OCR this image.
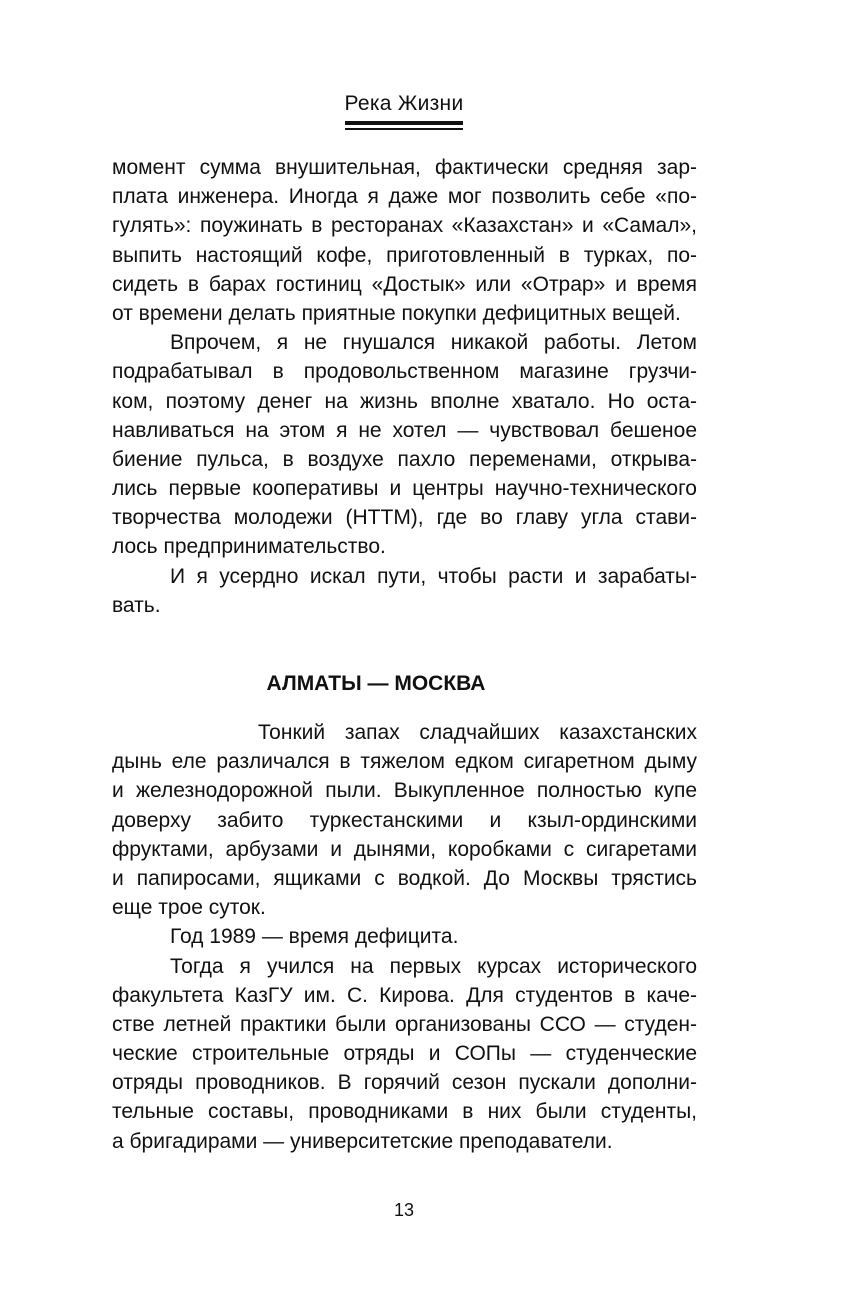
Река Жизни
момент сумма внушительная, фактически средняя зар-
плата инженера. Иногда я даже мог позволить себе «по-
гулять»: поужинать в ресторанах «Казахстан» и «Самал»,
выпить настоящий кофе, приготовленный в турках, по-
сидеть в барах гостиниц «Достык» или «Отрар» и время
от времени делать приятные покупки дефицитных вещей.
Впрочем, я не гнушался никакой работы. Летом
подрабатывал в продовольственном магазине грузчи-
ком, поэтому денег на жизнь вполне хватало. Но оста-
навливаться на этом я не хотел — чувствовал бешеное
биение пульса, в воздухе пахло переменами, открыва-
лись первые кооперативы и центры научно-технического
творчества молодежи (НТТМ), где во главу угла стави-
лось предпринимательство.
И я усердно искал пути, чтобы расти и зарабаты-
вать.
АЛМАТЫ — МОСКВА
Тонкий запах сладчайших казахстанских
дынь еле различался в тяжелом едком сигаретном дыму
и железнодорожной пыли. Выкупленное полностью купе
доверху забито туркестанскими и кзыл-ординскими
фруктами, арбузами и дынями, коробками с сигаретами
и папиросами, ящиками с водкой. До Москвы трястись
еще трое суток.
Год 1989 — время дефицита.
Тогда я учился на первых курсах исторического
факультета КазГУ им. С. Кирова. Для студентов в каче-
стве летней практики были организованы ССО — студен-
ческие строительные отряды и СОПы — студенческие
отряды проводников. В горячий сезон пускали дополни-
тельные составы, проводниками в них были студенты,
а бригадирами — университетские преподаватели.
13
